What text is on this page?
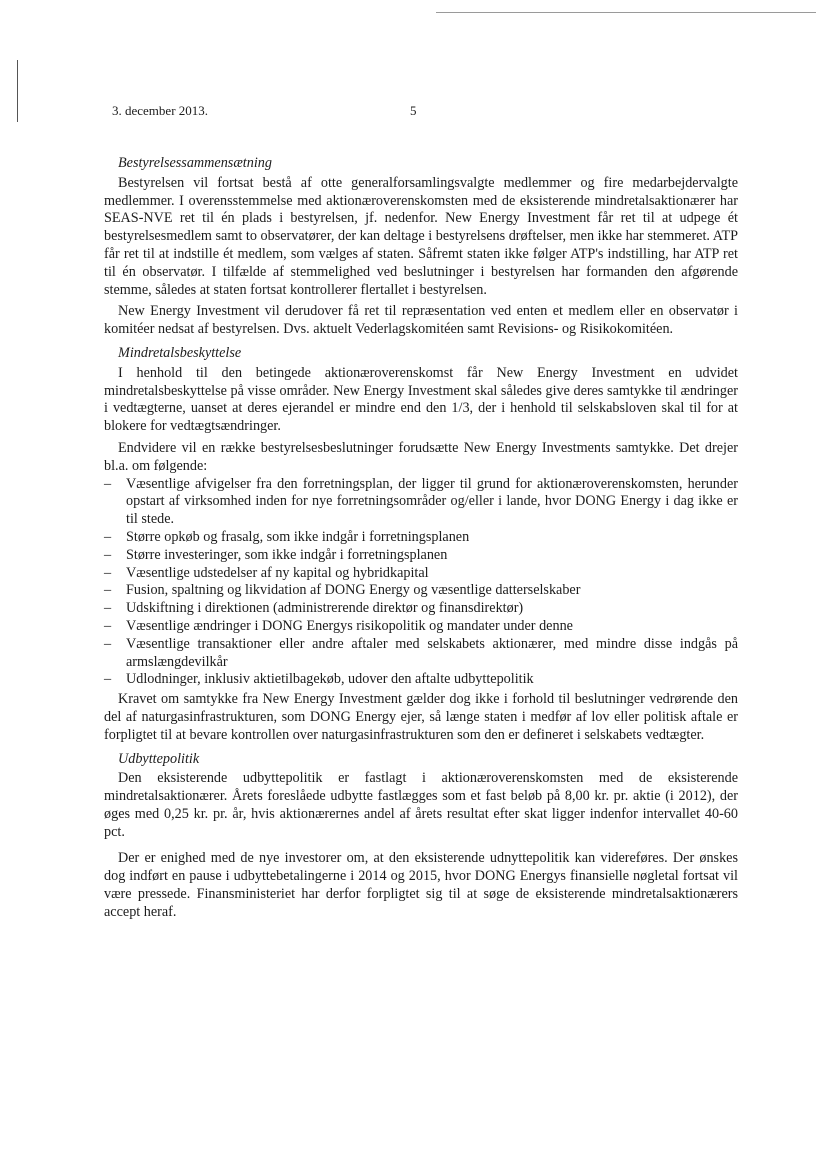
3. december 2013.	5
Bestyrelsessammensætning

Bestyrelsen vil fortsat bestå af otte generalforsamlingsvalgte medlemmer og fire medarbejdervalgte medlemmer. I overensstemmelse med aktionæroverenskomsten med de eksisterende mindretalsaktionærer har SEAS-NVE ret til én plads i bestyrelsen, jf. nedenfor. New Energy Investment får ret til at udpege ét bestyrelsesmedlem samt to observatører, der kan deltage i bestyrelsens drøftelser, men ikke har stemmeret. ATP får ret til at indstille ét medlem, som vælges af staten. Såfremt staten ikke følger ATP's indstilling, har ATP ret til én observatør. I tilfælde af stemmelighed ved beslutninger i bestyrelsen har formanden den afgørende stemme, således at staten fortsat kontrollerer flertallet i bestyrelsen.

New Energy Investment vil derudover få ret til repræsentation ved enten et medlem eller en observatør i komitéer nedsat af bestyrelsen. Dvs. aktuelt Vederlagskomitéen samt Revisions- og Risikokomitéen.

Mindretalsbeskyttelse

I henhold til den betingede aktionæroverenskomst får New Energy Investment en udvidet mindretalsbeskyttelse på visse områder. New Energy Investment skal således give deres samtykke til ændringer i vedtægterne, uanset at deres ejerandel er mindre end den 1/3, der i henhold til selskabsloven skal til for at blokere for vedtægtsændringer.

Endvidere vil en række bestyrelsesbeslutninger forudsætte New Energy Investments samtykke. Det drejer bl.a. om følgende:

– Væsentlige afvigelser fra den forretningsplan, der ligger til grund for aktionæroverenskomsten, herunder opstart af virksomhed inden for nye forretningsområder og/eller i lande, hvor DONG Energy i dag ikke er til stede.
– Større opkøb og frasalg, som ikke indgår i forretningsplanen
– Større investeringer, som ikke indgår i forretningsplanen
– Væsentlige udstedelser af ny kapital og hybridkapital
– Fusion, spaltning og likvidation af DONG Energy og væsentlige datterselskaber
– Udskiftning i direktionen (administrerende direktør og finansdirektør)
– Væsentlige ændringer i DONG Energys risikopolitik og mandater under denne
– Væsentlige transaktioner eller andre aftaler med selskabets aktionærer, med mindre disse indgås på armslængdevilkår
– Udlodninger, inklusiv aktietilbagekøb, udover den aftalte udbyttepolitik

Kravet om samtykke fra New Energy Investment gælder dog ikke i forhold til beslutninger vedrørende den del af naturgasinfrastrukturen, som DONG Energy ejer, så længe staten i medfør af lov eller politisk aftale er forpligtet til at bevare kontrollen over naturgasinfrastrukturen som den er defineret i selskabets vedtægter.

Udbyttepolitik

Den eksisterende udbyttepolitik er fastlagt i aktionæroverenskomsten med de eksisterende mindretalsaktionærer. Årets foreslåede udbytte fastlægges som et fast beløb på 8,00 kr. pr. aktie (i 2012), der øges med 0,25 kr. pr. år, hvis aktionærernes andel af årets resultat efter skat ligger indenfor intervallet 40-60 pct.

Der er enighed med de nye investorer om, at den eksisterende udnyttepolitik kan videreføres. Der ønskes dog indført en pause i udbyttebetalingerne i 2014 og 2015, hvor DONG Energys finansielle nøgletal fortsat vil være pressede. Finansministeriet har derfor forpligtet sig til at søge de eksisterende mindretalsaktionærers accept heraf.
